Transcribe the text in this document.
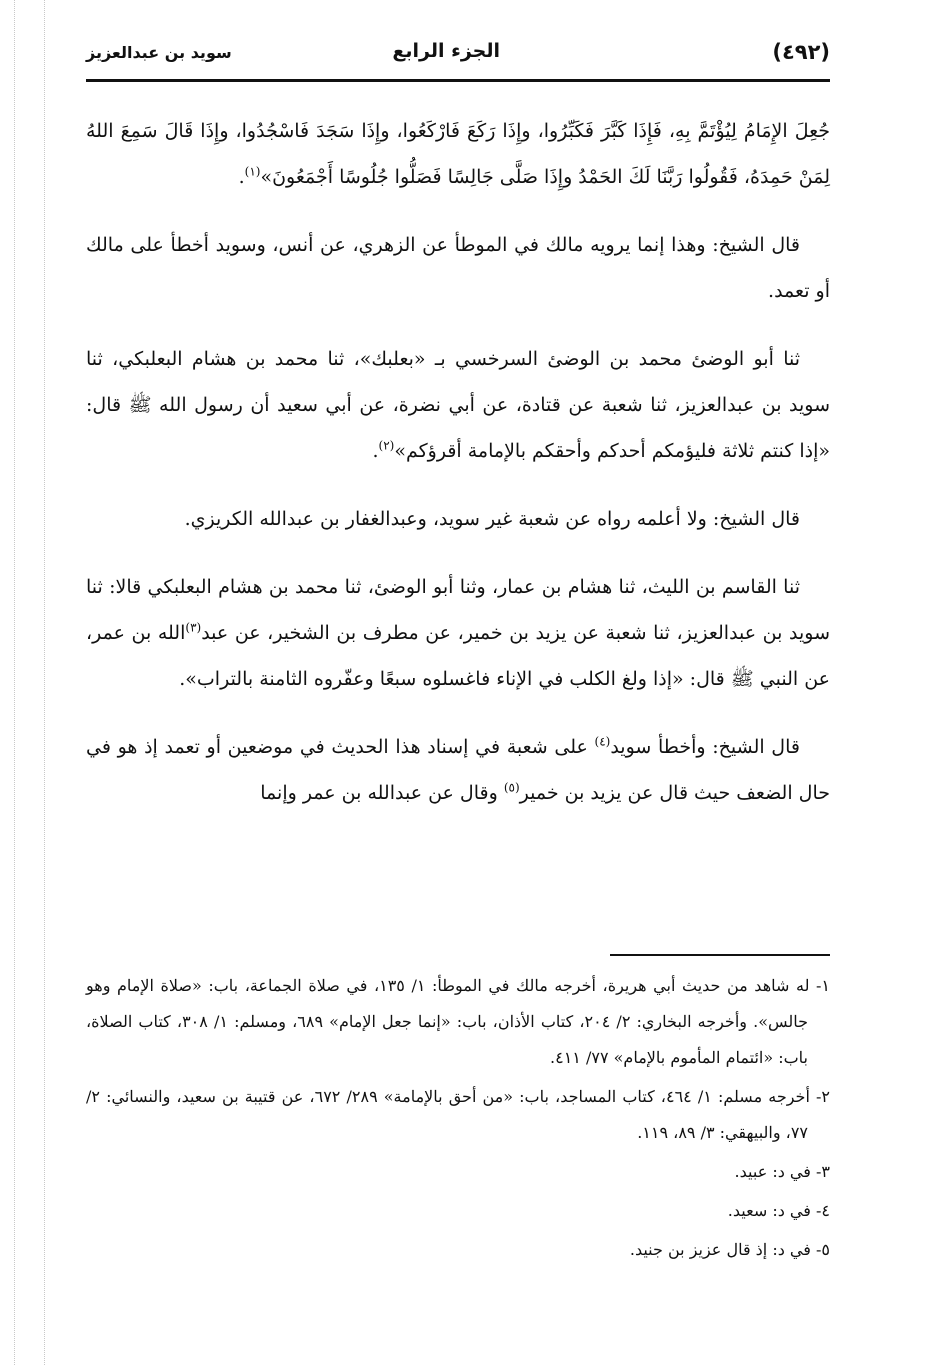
(٤٩٢)
الجزء الرابع
سويد بن عبدالعزيز

جُعِلَ الإِمَامُ لِيُؤْتَمَّ بِهِ، فَإِذَا كَبَّرَ فَكَبِّرُوا، وإِذَا رَكَعَ فَارْكَعُوا، وإِذَا سَجَدَ فَاسْجُدُوا، وإِذَا قَالَ سَمِعَ اللهُ لِمَنْ حَمِدَهُ، فَقُولُوا رَبَّنَا لَكَ الحَمْدُ وإِذَا صَلَّى جَالِسًا فَصَلُّوا جُلُوسًا أَجْمَعُونَ»$^{(١)}$.

قال الشيخ: وهذا إنما يرويه مالك في الموطأ عن الزهري، عن أنس، وسويد أخطأ على مالك أو تعمد.

ثنا أبو الوضئ محمد بن الوضئ السرخسي بـ «بعلبك»، ثنا محمد بن هشام البعلبكي، ثنا سويد بن عبدالعزيز، ثنا شعبة عن قتادة، عن أبي نضرة، عن أبي سعيد أن رسول الله ﷺ قال: «إذا كنتم ثلاثة فليؤمكم أحدكم وأحقكم بالإمامة أقرؤكم»$^{(٢)}$.

قال الشيخ: ولا أعلمه رواه عن شعبة غير سويد، وعبدالغفار بن عبدالله الكريزي.

ثنا القاسم بن الليث، ثنا هشام بن عمار، وثنا أبو الوضئ، ثنا محمد بن هشام البعلبكي قالا: ثنا سويد بن عبدالعزيز، ثنا شعبة عن يزيد بن خمير، عن مطرف بن الشخير، عن عبد$^{(٣)}$الله بن عمر، عن النبي ﷺ قال: «إذا ولغ الكلب في الإناء فاغسلوه سبعًا وعفّروه الثامنة بالتراب».

قال الشيخ: وأخطأ سويد$^{(٤)}$ على شعبة في إسناد هذا الحديث في موضعين أو تعمد إذ هو في حال الضعف حيث قال عن يزيد بن خمير$^{(٥)}$ وقال عن عبدالله بن عمر وإنما

١- له شاهد من حديث أبي هريرة، أخرجه مالك في الموطأ: ١/ ١٣٥، في صلاة الجماعة، باب: «صلاة الإمام وهو جالس». وأخرجه البخاري: ٢/ ٢٠٤، كتاب الأذان، باب: «إنما جعل الإمام» ٦٨٩، ومسلم: ١/ ٣٠٨، كتاب الصلاة، باب: «ائتمام المأموم بالإمام» ٧٧/ ٤١١.

٢- أخرجه مسلم: ١/ ٤٦٤، كتاب المساجد، باب: «من أحق بالإمامة» ٢٨٩/ ٦٧٢، عن قتيبة بن سعيد، والنسائي: ٢/ ٧٧، والبيهقي: ٣/ ٨٩، ١١٩.

٣- في د: عبيد.

٤- في د: سعيد.

٥- في د: إذ قال عزيز بن جنيد.
